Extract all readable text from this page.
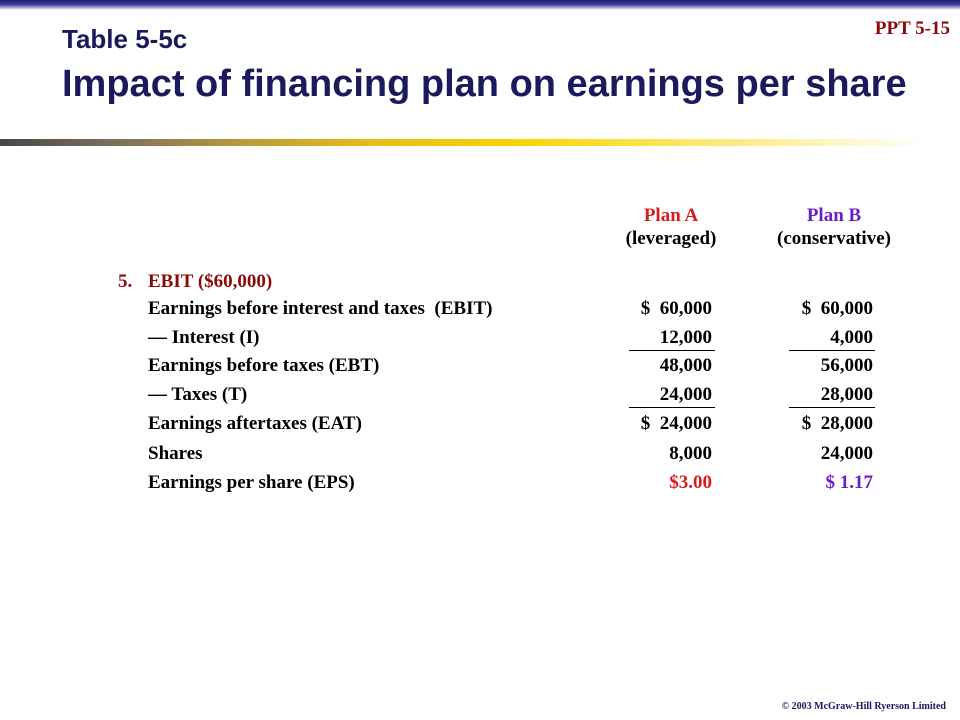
PPT 5-15
Table 5-5c
Impact of financing plan on earnings per share
Plan A
(leveraged)
Plan B
(conservative)
5. EBIT ($60,000)
Earnings before interest and taxes  (EBIT)	$  60,000	$  60,000
— Interest (I)	12,000	4,000
Earnings before taxes (EBT)	48,000	56,000
— Taxes (T)	24,000	28,000
Earnings aftertaxes (EAT)	$  24,000	$  28,000
Shares	8,000	24,000
Earnings per share (EPS)	$3.00	$ 1.17
© 2003 McGraw-Hill Ryerson Limited
